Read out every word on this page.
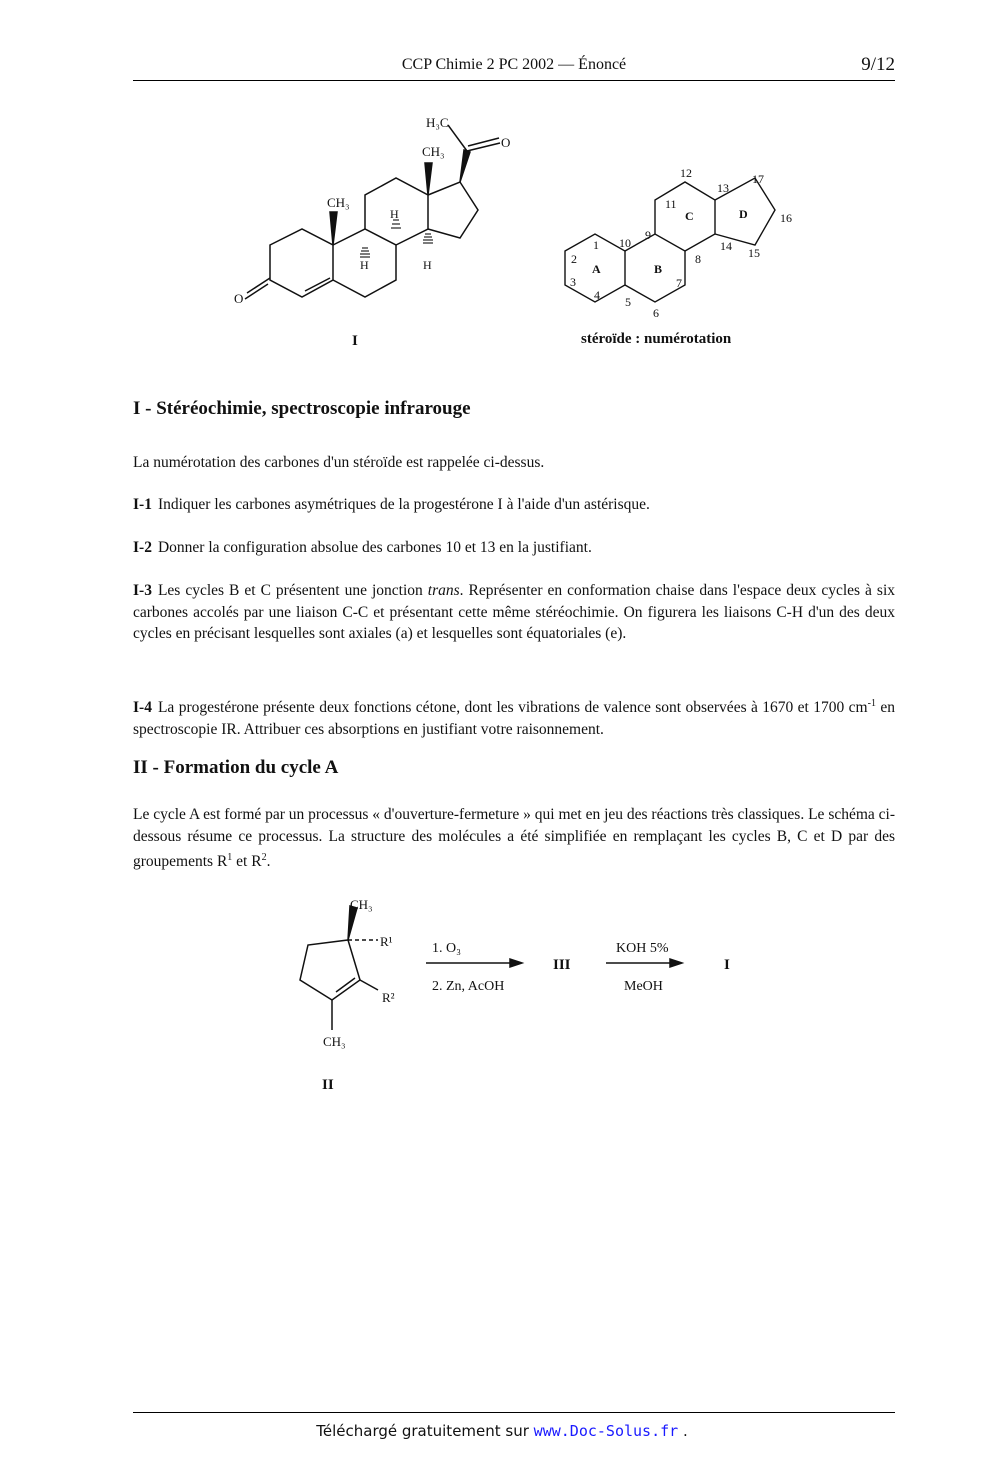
CCP Chimie 2 PC 2002 — Énoncé	9/12
H₃C
CH₃
CH₃
O
O
H
H
H
I
1
2
3
4 5
6
7
8
9
10
11
12
13
14 15
16
17
A	B
C	D
stéroïde : numérotation
I - Stéréochimie, spectroscopie infrarouge
La numérotation des carbones d'un stéroïde est rappelée ci-dessus.
I-1 Indiquer les carbones asymétriques de la progestérone I à l'aide d'un astérisque.
I-2 Donner la configuration absolue des carbones 10 et 13 en la justifiant.
I-3 Les cycles B et C présentent une jonction trans. Représenter en conformation chaise dans l'espace deux cycles à six carbones accolés par une liaison C-C et présentant cette même stéréochimie. On figurera les liaisons C-H d'un des deux cycles en précisant lesquelles sont axiales (a) et lesquelles sont équatoriales (e).
I-4 La progestérone présente deux fonctions cétone, dont les vibrations de valence sont observées à 1670 et 1700 $cm^{-1}$ en spectroscopie IR. Attribuer ces absorptions en justifiant votre raisonnement.
II - Formation du cycle A
Le cycle A est formé par un processus « d'ouverture-fermeture » qui met en jeu des réactions très classiques. Le schéma ci-dessous résume ce processus. La structure des molécules a été simplifiée en remplaçant les cycles B, C et D par des groupements $R^1$ et $R^2$.
CH₃
R¹
R²
CH₃
1. O₃
2. Zn, AcOH
III
KOH 5%
MeOH
I
II
Téléchargé gratuitement sur www.Doc-Solus.fr .
